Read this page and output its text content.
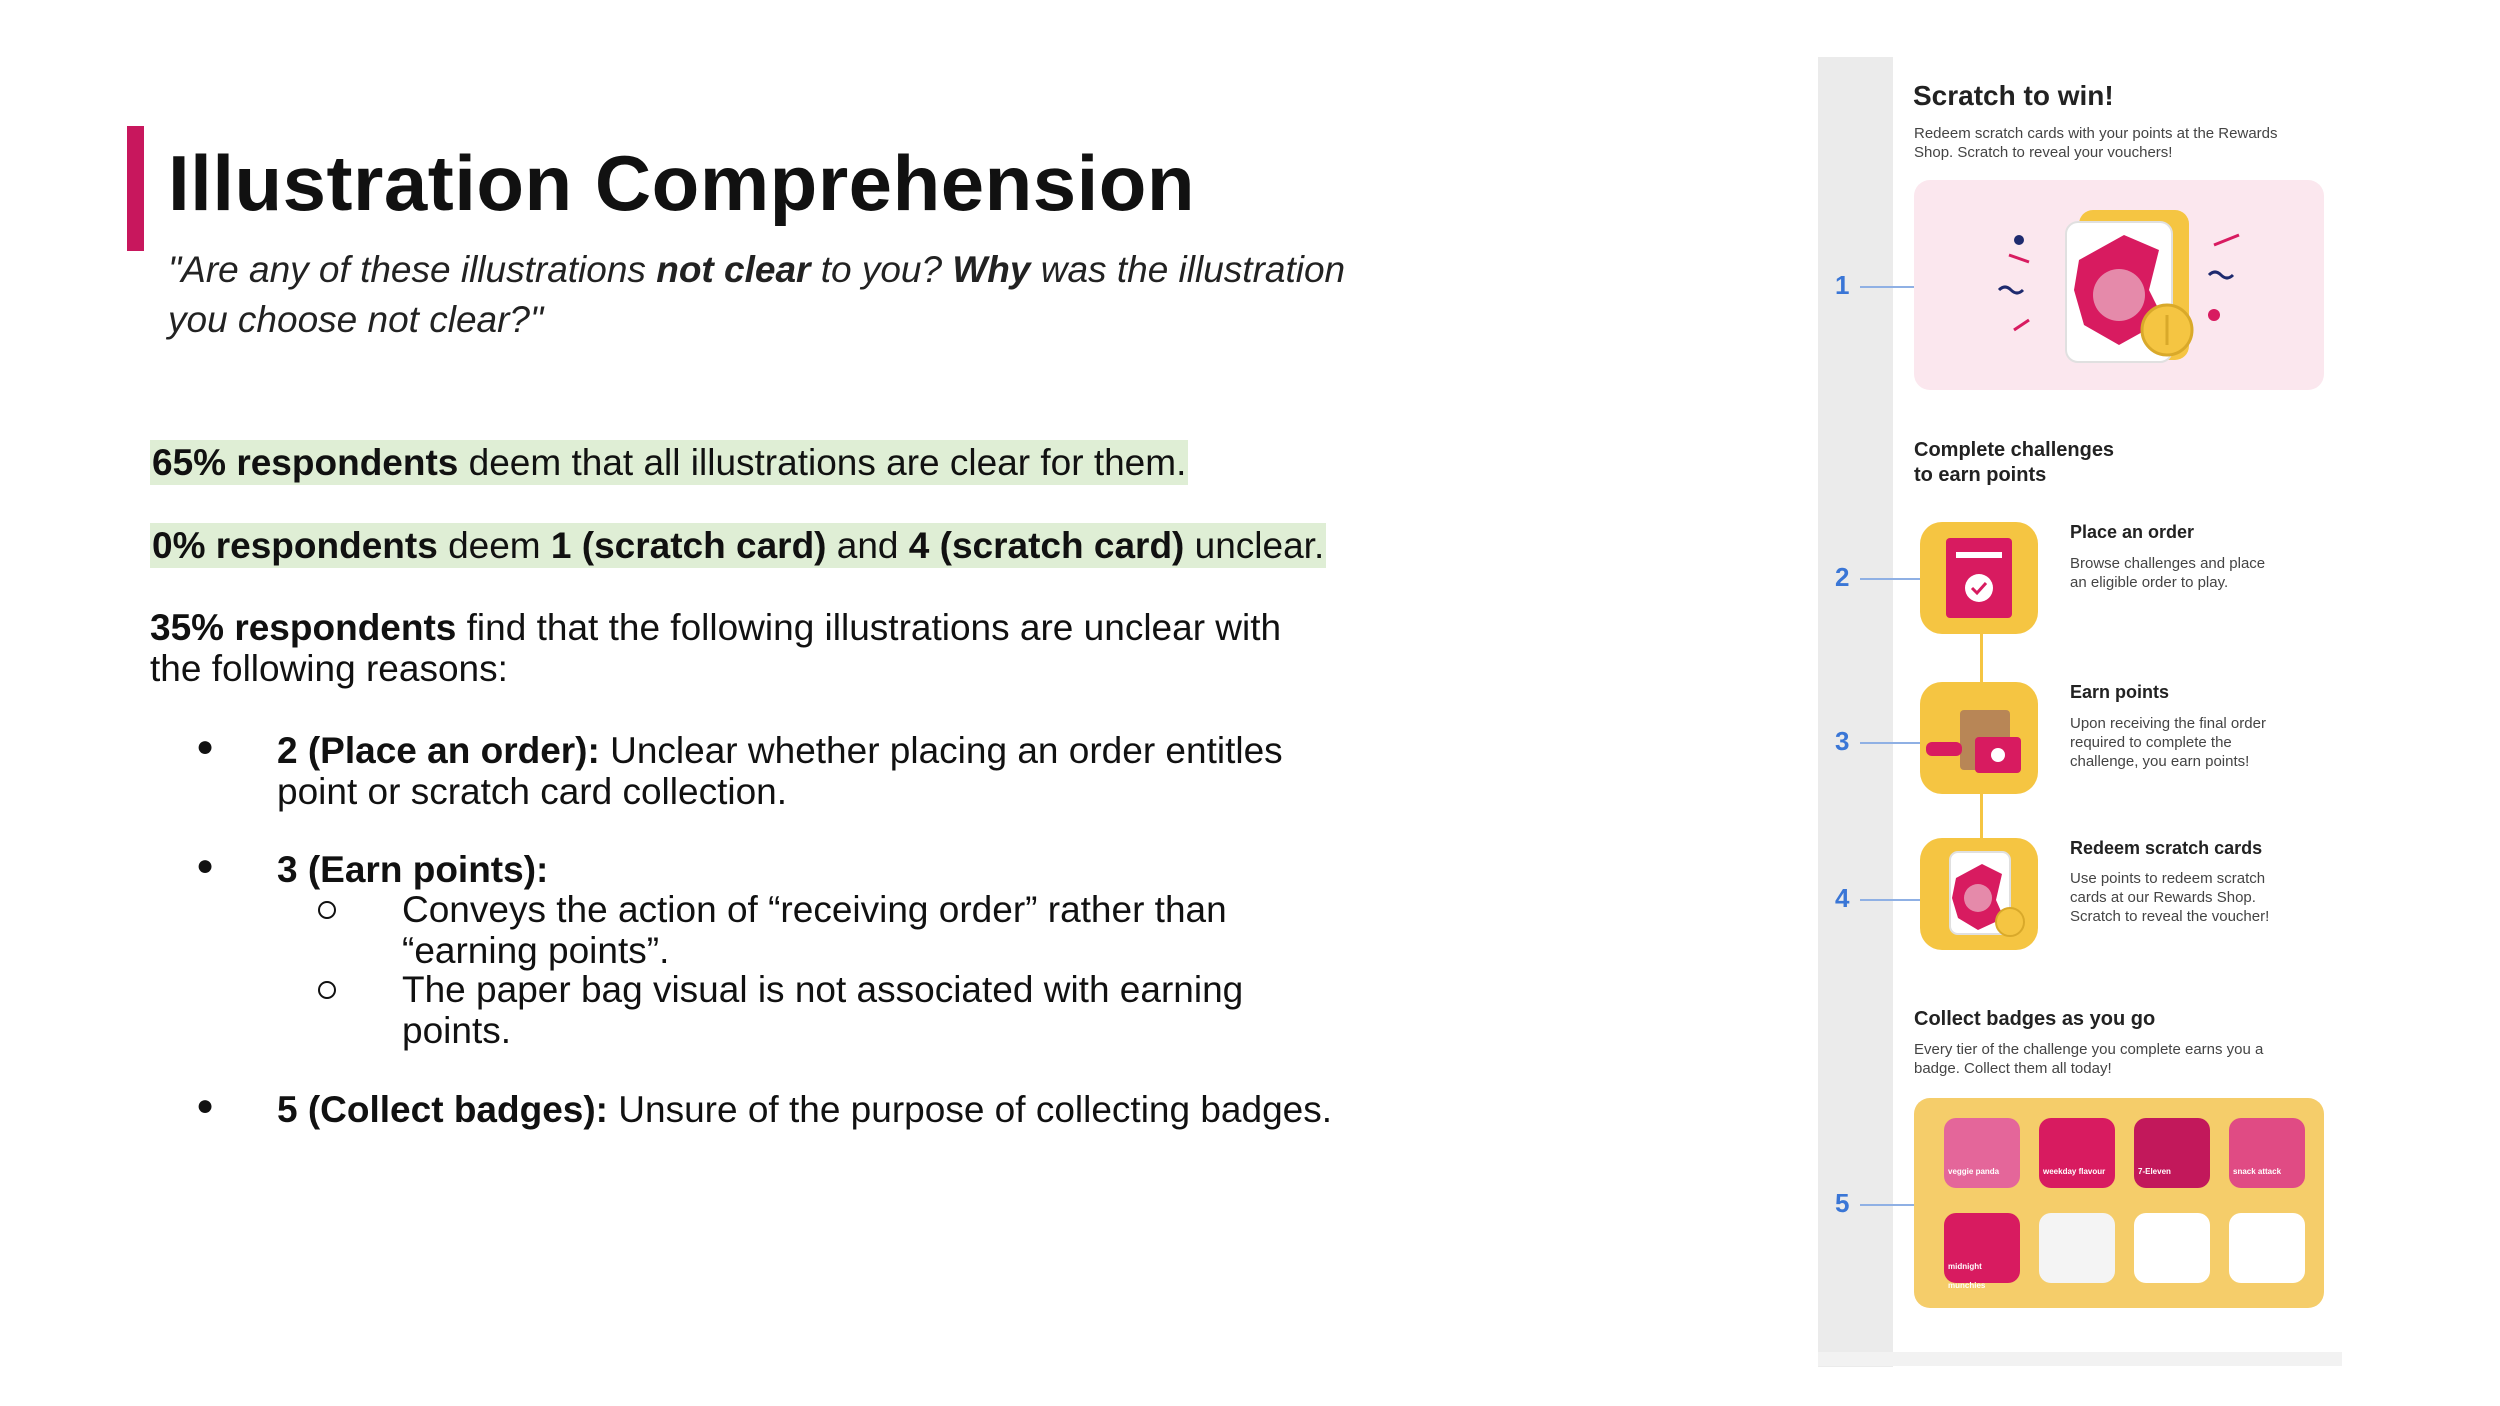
Illustration Comprehension
"Are any of these illustrations not clear to you? Why was the illustration you choose not clear?"
65% respondents deem that all illustrations are clear for them.
0% respondents deem 1 (scratch card) and 4 (scratch card) unclear.
35% respondents find that the following illustrations are unclear with
the following reasons:
● 2 (Place an order): Unclear whether placing an order entitles
point or scratch card collection.
● 3 (Earn points):
Conveys the action of “receiving order” rather than
“earning points”.
The paper bag visual is not associated with earning
points.
● 5 (Collect badges): Unsure of the purpose of collecting badges.
Scratch to win!
Redeem scratch cards with your points at the Rewards
Shop. Scratch to reveal your vouchers!
Complete challenges
to earn points
Place an order
Browse challenges and place
an eligible order to play.
Earn points
Upon receiving the final order
required to complete the
challenge, you earn points!
Redeem scratch cards
Use points to redeem scratch
cards at our Rewards Shop.
Scratch to reveal the voucher!
Collect badges as you go
Every tier of the challenge you complete earns you a
badge. Collect them all today!
veggie panda	weekday flavour	7-Eleven	snack attack
midnight munchies
1
2
3
4
5
